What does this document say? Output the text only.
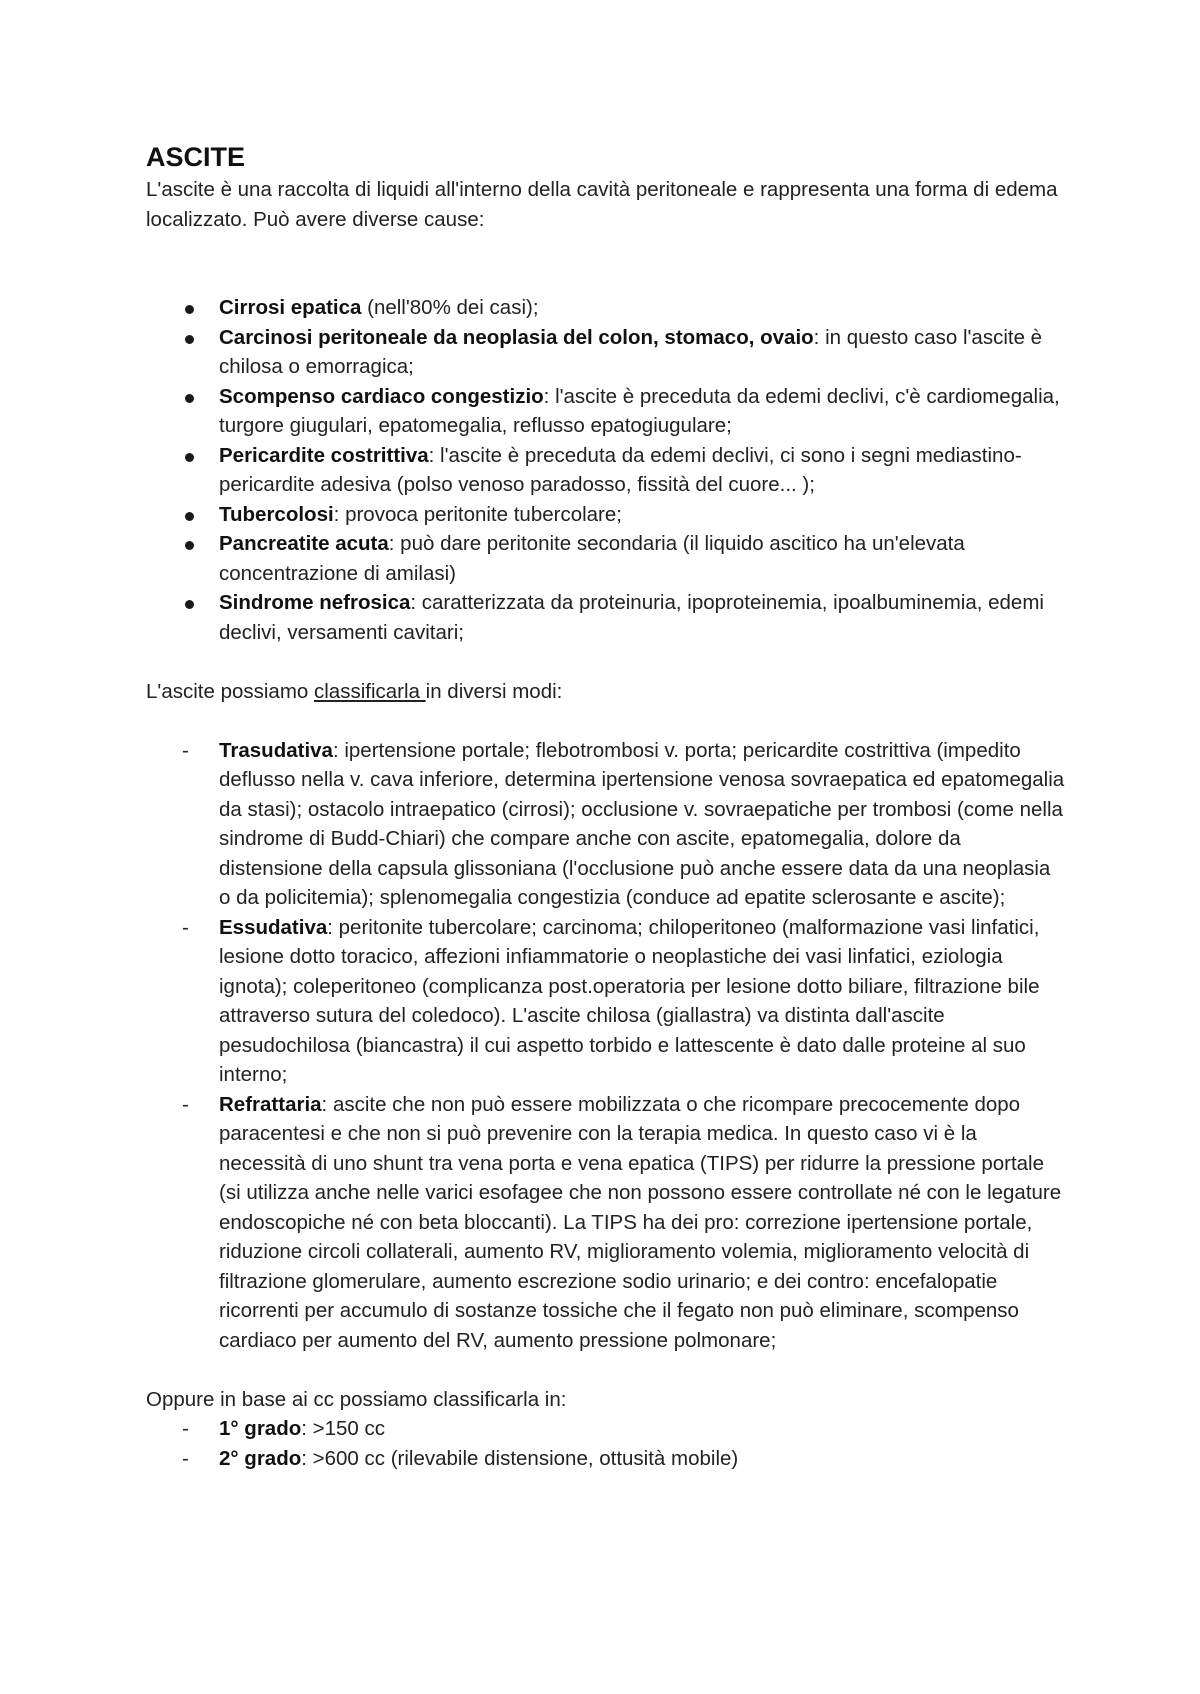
ASCITE

L'ascite è una raccolta di liquidi all'interno della cavità peritoneale e rappresenta una forma di edema localizzato. Può avere diverse cause:

Cirrosi epatica (nell'80% dei casi);
Carcinosi peritoneale da neoplasia del colon, stomaco, ovaio: in questo caso l'ascite è chilosa o emorragica;
Scompenso cardiaco congestizio: l'ascite è preceduta da edemi declivi, c'è cardiomegalia, turgore giugulari, epatomegalia, reflusso epatogiugulare;
Pericardite costrittiva: l'ascite è preceduta da edemi declivi, ci sono i segni mediastino-pericardite adesiva (polso venoso paradosso, fissità del cuore... );
Tubercolosi: provoca peritonite tubercolare;
Pancreatite acuta: può dare peritonite secondaria (il liquido ascitico ha un'elevata concentrazione di amilasi)
Sindrome nefrosica: caratterizzata da proteinuria, ipoproteinemia, ipoalbuminemia, edemi declivi, versamenti cavitari;

L'ascite possiamo classificarla in diversi modi:

-	Trasudativa: ipertensione portale; flebotrombosi v. porta; pericardite costrittiva (impedito deflusso nella v. cava inferiore, determina ipertensione venosa sovraepatica ed epatomegalia da stasi); ostacolo intraepatico (cirrosi); occlusione v. sovraepatiche per trombosi (come nella sindrome di Budd-Chiari) che compare anche con ascite, epatomegalia, dolore da distensione della capsula glissoniana (l'occlusione può anche essere data da una neoplasia o da policitemia); splenomegalia congestizia (conduce ad epatite sclerosante e ascite);
-	Essudativa: peritonite tubercolare; carcinoma; chiloperitoneo (malformazione vasi linfatici, lesione dotto toracico, affezioni infiammatorie o neoplastiche dei vasi linfatici, eziologia ignota); coleperitoneo (complicanza post.operatoria per lesione dotto biliare, filtrazione bile attraverso sutura del coledoco). L'ascite chilosa (giallastra) va distinta dall'ascite pesudochilosa (biancastra) il cui aspetto torbido e lattescente è dato dalle proteine al suo interno;
-	Refrattaria: ascite che non può essere mobilizzata o che ricompare precocemente dopo paracentesi e che non si può prevenire con la terapia medica. In questo caso vi è la necessità di uno shunt tra vena porta e vena epatica (TIPS) per ridurre la pressione portale (si utilizza anche nelle varici esofagee che non possono essere controllate né con le legature endoscopiche né con beta bloccanti). La TIPS ha dei pro: correzione ipertensione portale, riduzione circoli collaterali, aumento RV, miglioramento volemia, miglioramento velocità di filtrazione glomerulare, aumento escrezione sodio urinario; e dei contro: encefalopatie ricorrenti per accumulo di sostanze tossiche che il fegato non può eliminare, scompenso cardiaco per aumento del RV, aumento pressione polmonare;

Oppure in base ai cc possiamo classificarla in:

-	1° grado: >150 cc
-	2° grado: >600 cc (rilevabile distensione, ottusità mobile)
